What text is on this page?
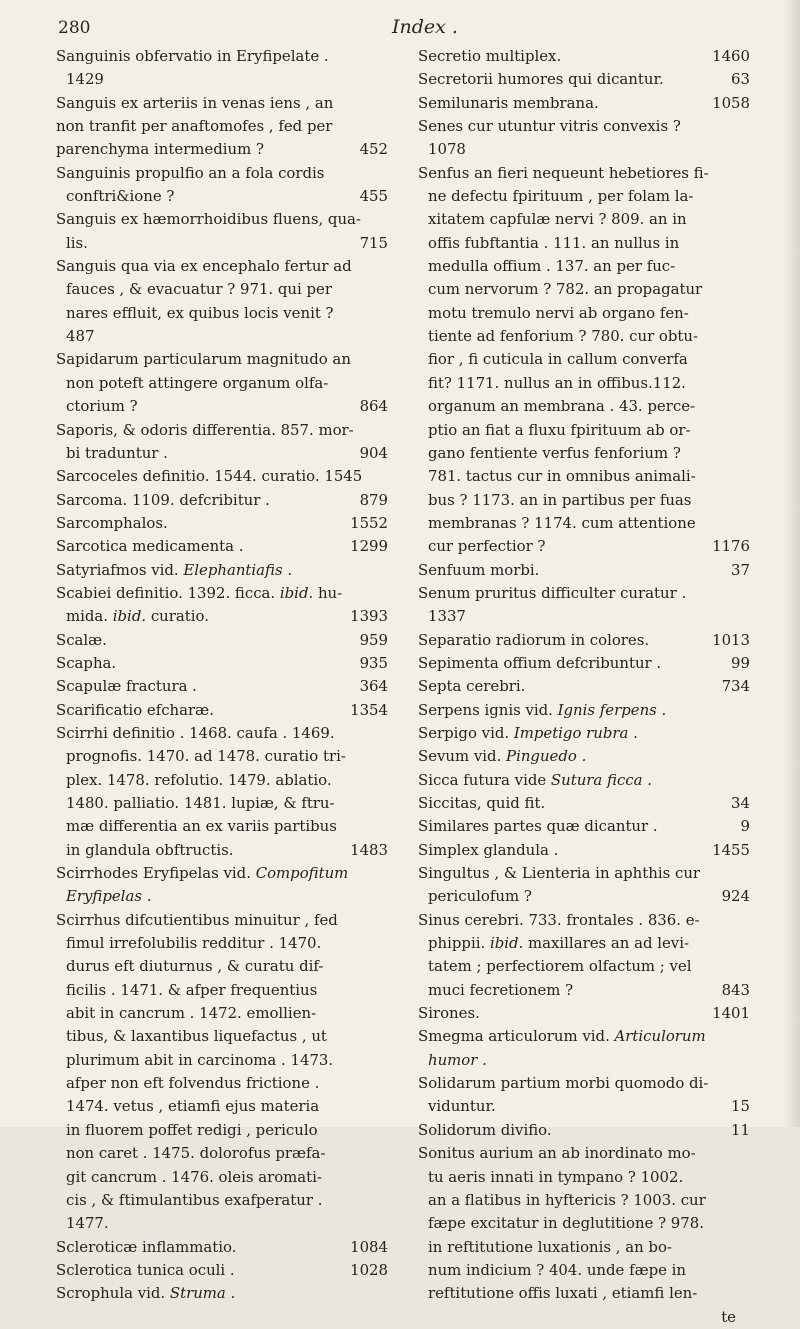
280	Index .
Sanguinis obfervatio in Eryfipelate .
1429
Sanguis ex arteriis in venas iens , an
non tranfit per anaftomofes , fed per
parenchyma intermedium ?	452
Sanguinis propulfio an a fola cordis
conftri&ione ?	455
Sanguis ex hæmorrhoidibus fluens, qua-
lis.	715
Sanguis qua via ex encephalo fertur ad
fauces , & evacuatur ? 971. qui per
nares effluit, ex quibus locis venit ?
487
Sapidarum particularum magnitudo an
non poteft attingere organum olfa-
ctorium ?	864
Saporis, & odoris differentia. 857. mor-
bi traduntur .	904
Sarcoceles definitio. 1544. curatio. 1545
Sarcoma. 1109. defcribitur .	879
Sarcomphalos.	1552
Sarcotica medicamenta .	1299
Satyriafmos vid. Elephantiafis .
Scabiei definitio. 1392. ficca. ibid. hu-
mida. ibid. curatio.	1393
Scalæ.	959
Scapha.	935
Scapulæ fractura .	364
Scarificatio efcharæ.	1354
Scirrhi definitio . 1468. caufa . 1469.
prognofis. 1470. ad 1478. curatio tri-
plex. 1478. refolutio. 1479. ablatio.
1480. palliatio. 1481. lupiæ, & ftru-
mæ differentia an ex variis partibus
in glandula obftructis.	1483
Scirrhodes Eryfipelas vid. Compofitum
Eryfipelas .
Scirrhus difcutientibus minuitur , fed
fimul irrefolubilis redditur . 1470.
durus eft diuturnus , & curatu dif-
ficilis . 1471. & afper frequentius
abit in cancrum . 1472. emollien-
tibus, & laxantibus liquefactus , ut
plurimum abit in carcinoma . 1473.
afper non eft folvendus frictione .
1474. vetus , etiamfi ejus materia
in fluorem poffet redigi , periculo
non caret . 1475. dolorofus præfa-
git cancrum . 1476. oleis aromati-
cis , & ftimulantibus exafperatur .
1477.
Scleroticæ inflammatio.	1084
Sclerotica tunica oculi .	1028
Scrophula vid. Struma .
Secretio multiplex.	1460
Secretorii humores qui dicantur.	63
Semilunaris membrana.	1058
Senes cur utuntur vitris convexis ?
1078
Senfus an fieri nequeunt hebetiores fi-
ne defectu fpirituum , per folam la-
xitatem capfulæ nervi ? 809. an in
offis fubftantia . 111. an nullus in
medulla offium . 137. an per fuc-
cum nervorum ? 782. an propagatur
motu tremulo nervi ab organo fen-
tiente ad fenforium ? 780. cur obtu-
fior , fi cuticula in callum converfa
fit? 1171. nullus an in offibus.112.
organum an membrana . 43. perce-
ptio an fiat a fluxu fpirituum ab or-
gano fentiente verfus fenforium ?
781. tactus cur in omnibus animali-
bus ? 1173. an in partibus per fuas
membranas ? 1174. cum attentione
cur perfectior ?	1176
Senfuum morbi.	37
Senum pruritus difficulter curatur .
1337
Separatio radiorum in colores.	1013
Sepimenta offium defcribuntur .	99
Septa cerebri.	734
Serpens ignis vid. Ignis ferpens .
Serpigo vid. Impetigo rubra .
Sevum vid. Pinguedo .
Sicca futura vide Sutura ficca .
Siccitas, quid fit.	34
Similares partes quæ dicantur .	9
Simplex glandula .	1455
Singultus , & Lienteria in aphthis cur
periculofum ?	924
Sinus cerebri. 733. frontales . 836. e-
phippii. ibid. maxillares an ad levi-
tatem ; perfectiorem olfactum ; vel
muci fecretionem ?	843
Sirones.	1401
Smegma articulorum vid. Articulorum
humor .
Solidarum partium morbi quomodo di-
viduntur.	15
Solidorum divifio.	11
Sonitus aurium an ab inordinato mo-
tu aeris innati in tympano ? 1002.
an a flatibus in hyftericis ? 1003. cur
fæpe excitatur in deglutitione ? 978.
in reftitutione luxationis , an bo-
num indicium ? 404. unde fæpe in
reftitutione offis luxati , etiamfi len-
te
